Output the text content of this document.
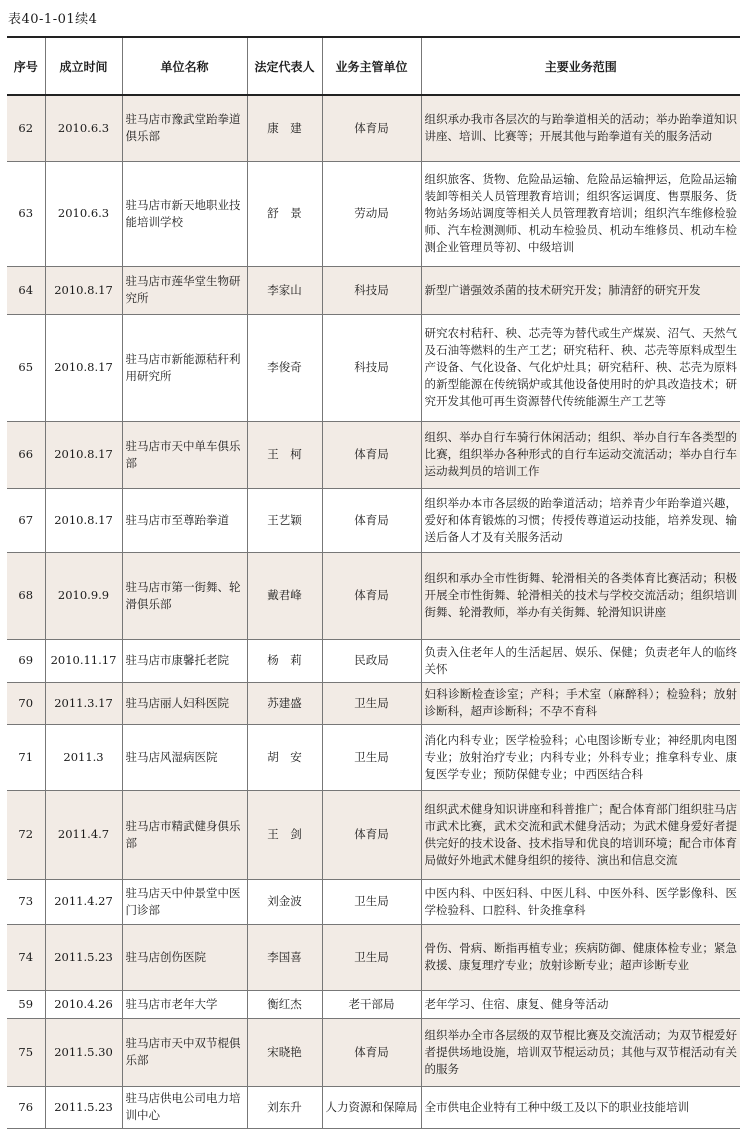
表40-1-01续4
序号	成立时间	单位名称	法定代表人	业务主管单位	主要业务范围
62	2010.6.3	驻马店市豫武堂跆拳道俱乐部	康　建	体育局	组织承办我市各层次的与跆拳道相关的活动；举办跆拳道知识讲座、培训、比赛等；开展其他与跆拳道有关的服务活动
63	2010.6.3	驻马店市新天地职业技能培训学校	舒　景	劳动局	组织旅客、货物、危险品运输、危险品运输押运，危险品运输装卸等相关人员管理教育培训；组织客运调度、售票服务、货物站务场站调度等相关人员管理教育培训；组织汽车维修检验师、汽车检测测师、机动车检验员、机动车维修员、机动车检测企业管理员等初、中级培训
64	2010.8.17	驻马店市莲华堂生物研究所	李家山	科技局	新型广谱强效杀菌的技术研究开发；肺清舒的研究开发
65	2010.8.17	驻马店市新能源秸秆利用研究所	李俊奇	科技局	研究农村秸秆、秧、芯壳等为替代或生产煤炭、沼气、天然气及石油等燃料的生产工艺；研究秸秆、秧、芯壳等原料成型生产设备、气化设备、气化炉灶具；研究秸秆、秧、芯壳为原料的新型能源在传统锅炉或其他设备使用时的炉具改造技术；研究开发其他可再生资源替代传统能源生产工艺等
66	2010.8.17	驻马店市天中单车俱乐部	王　柯	体育局	组织、举办自行车骑行休闲活动；组织、举办自行车各类型的比赛，组织举办各种形式的自行车运动交流活动；举办自行车运动裁判员的培训工作
67	2010.8.17	驻马店市至尊跆拳道	王艺颖	体育局	组织举办本市各层级的跆拳道活动；培养青少年跆拳道兴趣，爱好和体育锻炼的习惯；传授传尊道运动技能，培养发现、输送后备人才及有关服务活动
68	2010.9.9	驻马店市第一街舞、轮滑俱乐部	戴君峰	体育局	组织和承办全市性街舞、轮滑相关的各类体育比赛活动；积极开展全市性街舞、轮滑相关的技术与学校交流活动；组织培训街舞、轮滑教师，举办有关街舞、轮滑知识讲座
69	2010.11.17	驻马店市康馨托老院	杨　莉	民政局	负责入住老年人的生活起居、娱乐、保健；负责老年人的临终关怀
70	2011.3.17	驻马店丽人妇科医院	苏建盛	卫生局	妇科诊断检查诊室；产科；手术室（麻醉科）；检验科；放射诊断科，超声诊断科；不孕不育科
71	2011.3	驻马店风湿病医院	胡　安	卫生局	消化内科专业；医学检验科；心电图诊断专业；神经肌肉电图专业；放射治疗专业；内科专业；外科专业；推拿科专业、康复医学专业；预防保健专业；中西医结合科
72	2011.4.7	驻马店市精武健身俱乐部	王　剑	体育局	组织武术健身知识讲座和科普推广；配合体育部门组织驻马店市武术比赛，武术交流和武术健身活动；为武术健身爱好者提供完好的技术设备、技术指导和优良的培训环境；配合市体育局做好外地武术健身组织的接待、演出和信息交流
73	2011.4.27	驻马店天中仲景堂中医门诊部	刘金波	卫生局	中医内科、中医妇科、中医儿科、中医外科、医学影像科、医学检验科、口腔科、针灸推拿科
74	2011.5.23	驻马店创伤医院	李国喜	卫生局	骨伤、骨病、断指再植专业；疾病防御、健康体检专业；紧急救援、康复理疗专业；放射诊断专业；超声诊断专业
59	2010.4.26	驻马店市老年大学	衡红杰	老干部局	老年学习、住宿、康复、健身等活动
75	2011.5.30	驻马店市天中双节棍俱乐部	宋晓艳	体育局	组织举办全市各层级的双节棍比赛及交流活动；为双节棍爱好者提供场地设施，培训双节棍运动员；其他与双节棍活动有关的服务
76	2011.5.23	驻马店供电公司电力培训中心	刘东升	人力资源和保障局	全市供电企业特有工种中级工及以下的职业技能培训
